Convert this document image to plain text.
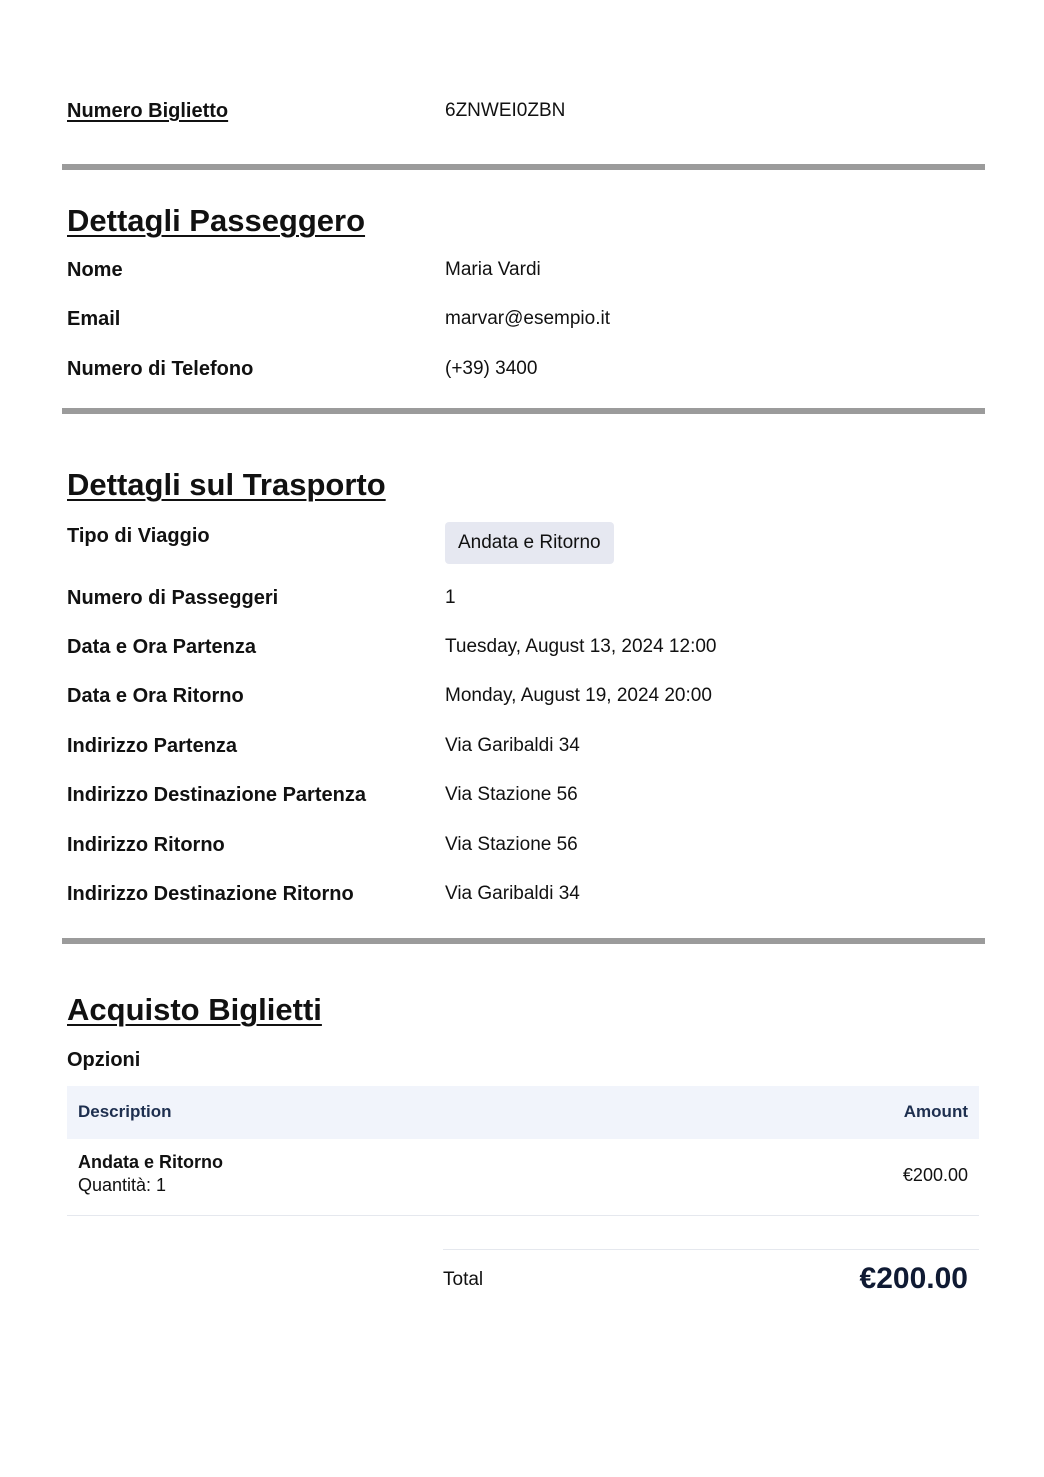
Numero Biglietto	6ZNWEI0ZBN
Dettagli Passeggero
Nome	Maria Vardi
Email	marvar@esempio.it
Numero di Telefono	(+39) 3400
Dettagli sul Trasporto
Tipo di Viaggio	Andata e Ritorno
Numero di Passeggeri	1
Data e Ora Partenza	Tuesday, August 13, 2024 12:00
Data e Ora Ritorno	Monday, August 19, 2024 20:00
Indirizzo Partenza	Via Garibaldi 34
Indirizzo Destinazione Partenza	Via Stazione 56
Indirizzo Ritorno	Via Stazione 56
Indirizzo Destinazione Ritorno	Via Garibaldi 34
Acquisto Biglietti
Opzioni
Description	Amount
Andata e Ritorno
Quantità: 1	€200.00
Total	€200.00
